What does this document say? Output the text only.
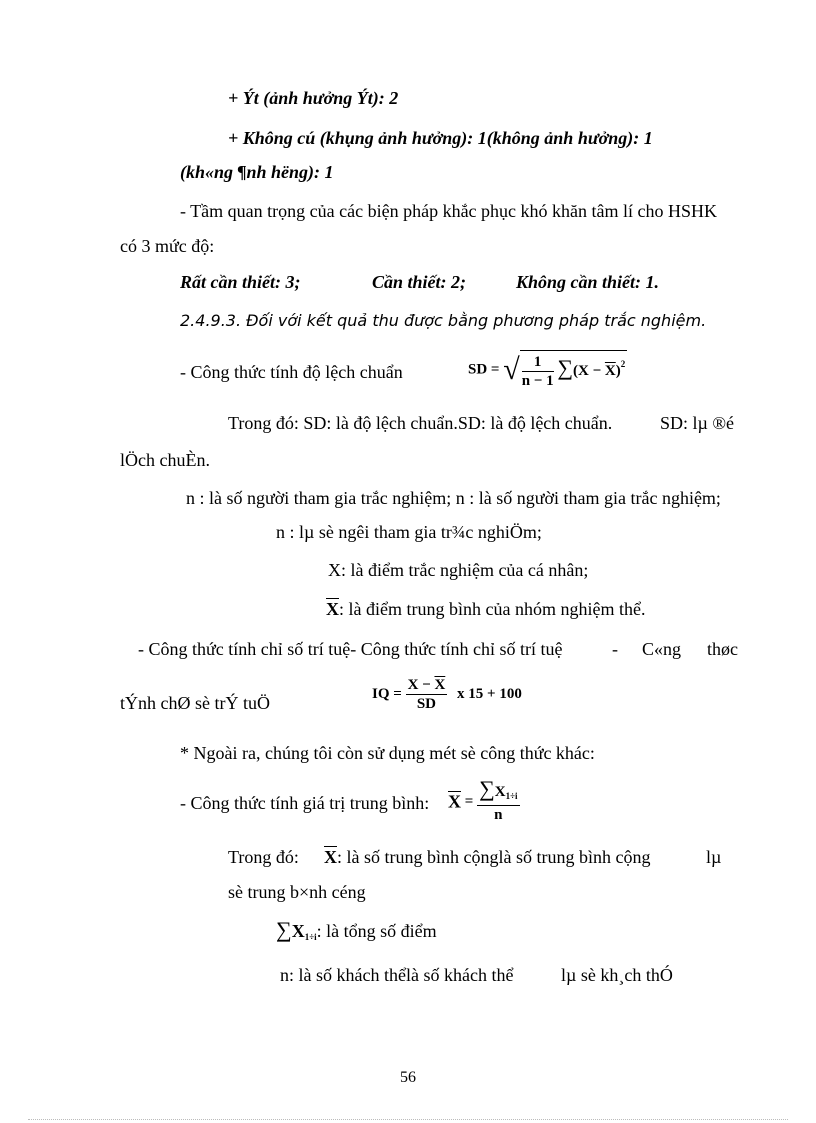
+ Ýt (ảnh hưởng Ýt): 2
+ Không cú (khụng ảnh hưởng): 1(không ảnh hưởng): 1
(kh«ng ¶nh hëng): 1
- Tầm quan trọng của các biện pháp khắc phục khó khăn tâm lí cho HSHK
có 3 mức độ:
Rất cần thiết: 3;	Cần thiết: 2;	Không cần thiết: 1.
2.4.9.3. Đối với kết quả thu được bằng phương pháp trắc nghiệm.
- Công thức tính độ lệch chuẩn	SD = √ $\frac{1}{n - 1} \sum(X - \overline{X})^2$
Trong đó: SD: là độ lệch chuẩn.SD: là độ lệch chuẩn.	SD: lµ ®é
lÖch chuÈn.
n : là số người tham gia trắc nghiệm; n : là số người tham gia trắc nghiệm;
n : lµ sè ngêi tham gia tr¾c nghiÖm;
X: là điểm trắc nghiệm của cá nhân;
$\overline{X}$: là điểm trung bình của nhóm nghiệm thể.
- Công thức tính chỉ số trí tuệ- Công thức tính chỉ số trí tuệ	- C«ng thøc
tÝnh chØ sè trÝ tuÖ	IQ = $\frac{X - \overline{X}}{SD}$ x 15 + 100
* Ngoài ra, chúng tôi còn sử dụng mét sè công thức khác:
- Công thức tính giá trị trung bình: $\overline{X} = \frac{\sum X_{1\div i}}{n}$
Trong đó: $\overline{X}$: là số trung bình cộnglà số trung bình cộng	lµ
sè trung b×nh céng
$\sum X_{1\div i}$: là tổng số điểm
n: là số khách thểlà số khách thể	lµ sè kh¸ch thÓ
56
